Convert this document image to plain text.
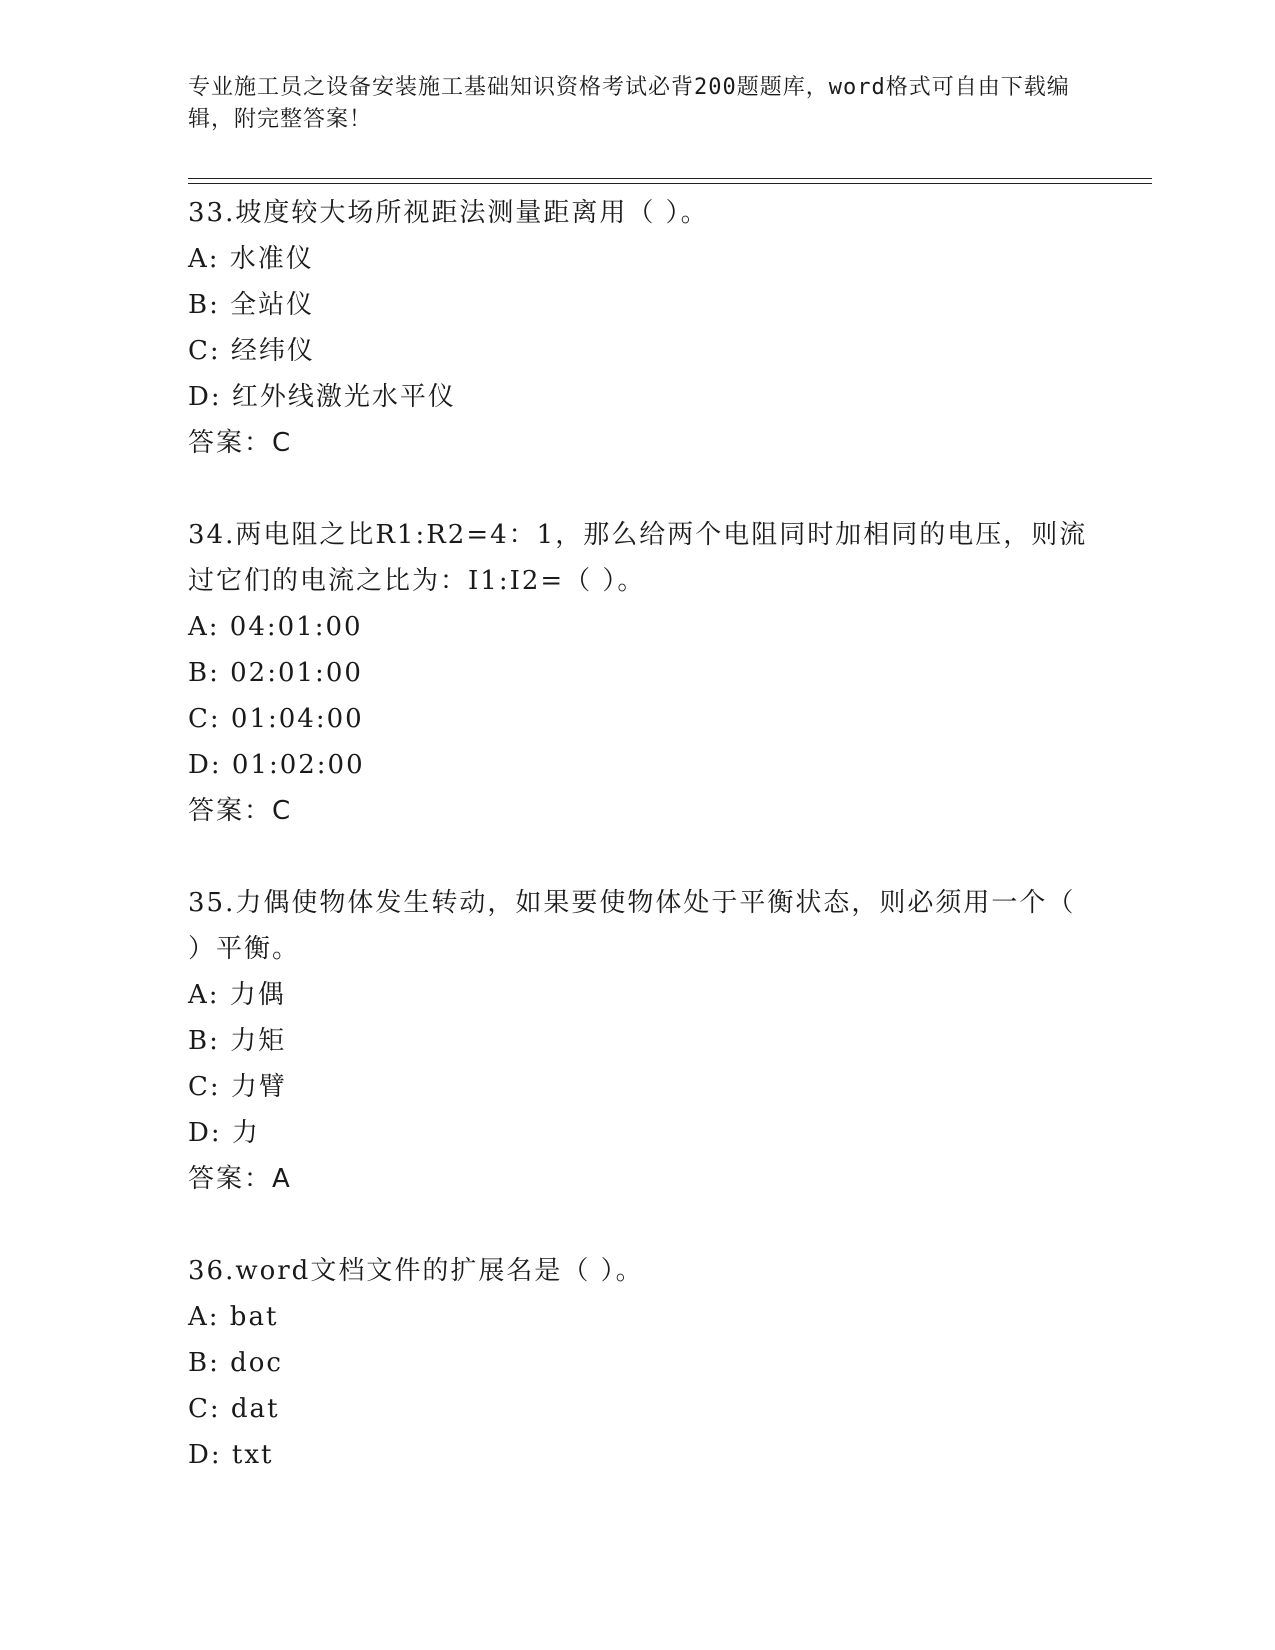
专业施工员之设备安装施工基础知识资格考试必背200题题库，word格式可自由下载编辑，附完整答案！

33.坡度较大场所视距法测量距离用（ ）。

A: 水准仪

B: 全站仪

C: 经纬仪

D: 红外线激光水平仪

答案：C

34.两电阻之比R1:R2=4：1，那么给两个电阻同时加相同的电压，则流过它们的电流之比为：I1:I2=（ ）。

A: 04:01:00

B: 02:01:00

C: 01:04:00

D: 01:02:00

答案：C

35.力偶使物体发生转动，如果要使物体处于平衡状态，则必须用一个（ ）平衡。

A: 力偶

B: 力矩

C: 力臂

D: 力

答案：A

36.word文档文件的扩展名是（ ）。

A: bat

B: doc

C: dat

D: txt
